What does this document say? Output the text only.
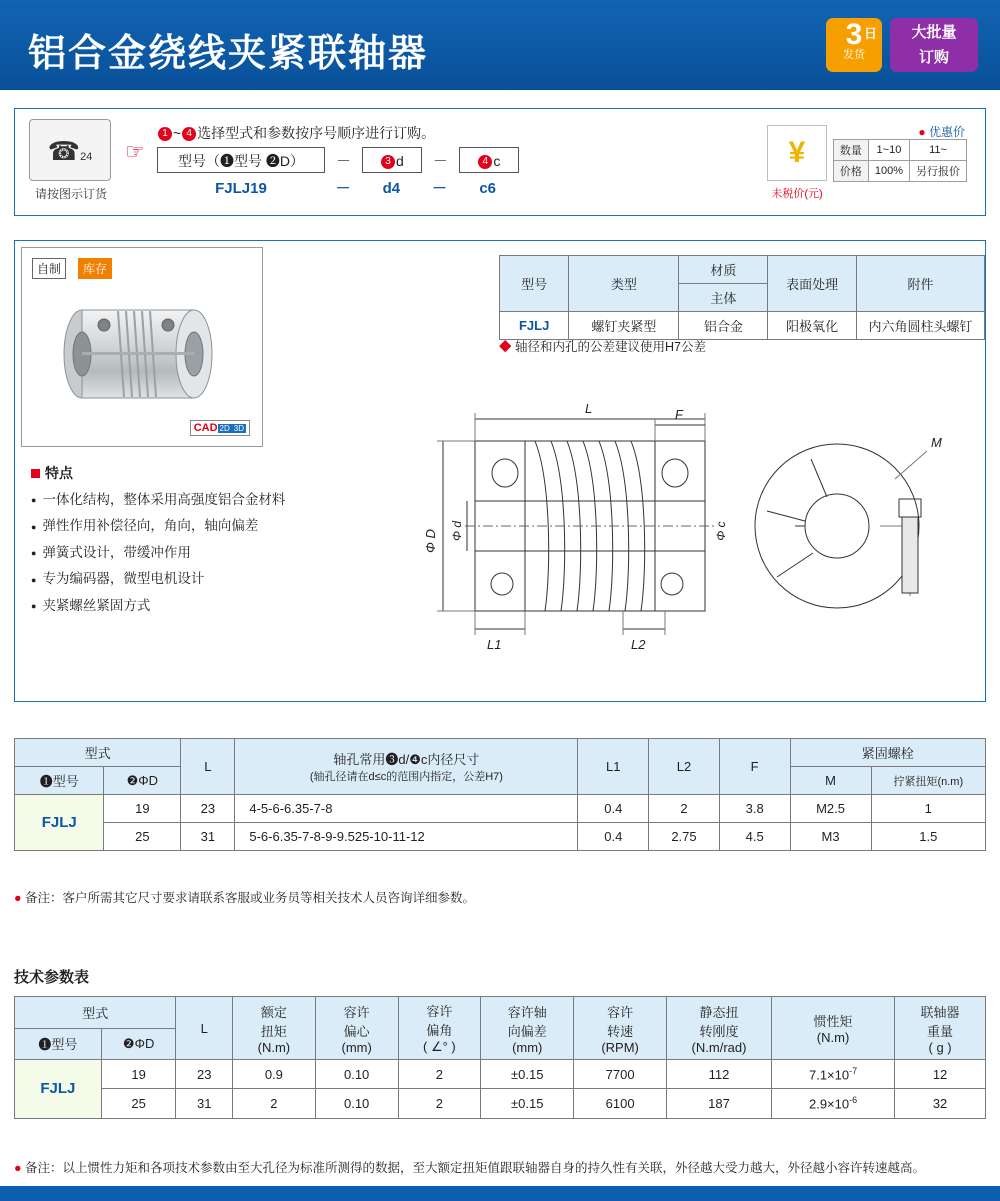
铝合金绕线夹紧联轴器	3 日
发货
大批量
订购
☎24
请按图示订货
☞
1 ~ 4 选择型式和参数按序号顺序进行订购。
型号（❶型号 ❷D） －	3 d －	4 c
FJLJ19	－ d4 － c6
¥
未税价(元)
● 优惠价
数量	1~10	11~
价格	100%	另行报价
自制	库存
CAD 2D 3D
特点
● 一体化结构，整体采用高强度铝合金材料
● 弹性作用补偿径向，角向，轴向偏差
● 弹簧式设计，带缓冲作用
● 专为编码器，微型电机设计
● 夹紧螺丝紧固方式
型号	类型	材质	表面处理	附件
		主体		
FJLJ	螺钉夹紧型	铝合金	阳极氧化	内六角圆柱头螺钉
◆ 轴径和内孔的公差建议使用H7公差
L	F
L1	L2
Φ D Φ d	Φ c
M
型式		L	轴孔常用❸d/❹c内径尺寸
(轴孔径请在d≤c的范围内指定，公差H7)	L1	L2	F	紧固螺栓	
❶型号	❷ΦD						M	拧紧扭矩(n.m)
FJLJ	19	23	4-5-6-6.35-7-8	0.4	2	3.8	M2.5	1
	25	31	5-6-6.35-7-8-9-9.525-10-11-12	0.4	2.75	4.5	M3	1.5
● 备注：客户所需其它尺寸要求请联系客服或业务员等相关技术人员咨询详细参数。
技术参数表
型式	L	
额定
扭矩
(N.m)

容许
偏心
(mm)

容许
偏角
( ∠° )

容许轴
向偏差
(mm)

容许
转速
(RPM)

静态扭
转刚度
(N.m/rad)

惯性矩
(N.m)

联轴器
重量
( g )

❶型号	❷ΦD									
FJLJ	19	23	0.9	0.10	2	±0.15	7700	112	$7.1\times 10^{-7}$	12
	25	31	2	0.10	2	±0.15	6100	187	$2.9\times 10^{-6}$	32
● 备注：以上惯性力矩和各项技术参数由至大孔径为标准所测得的数据，至大额定扭矩值跟联轴器自身的持久性有关联，外径越大受力越大，外径越小容许转速越高。
